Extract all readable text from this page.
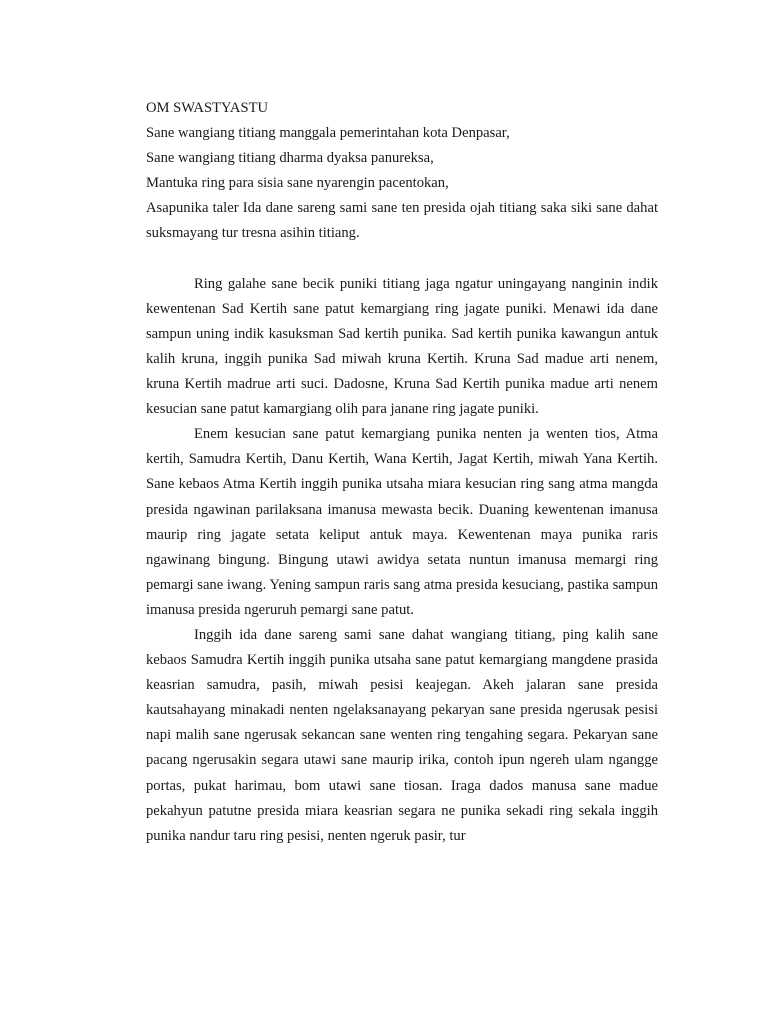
OM SWASTYASTU
Sane wangiang titiang manggala pemerintahan kota Denpasar,
Sane wangiang titiang dharma dyaksa panureksa,
Mantuka ring para sisia sane nyarengin pacentokan,
Asapunika taler Ida dane sareng sami sane ten presida ojah titiang saka siki sane dahat suksmayang tur tresna asihin titiang.

Ring galahe sane becik puniki titiang jaga ngatur uningayang nanginin indik kewentenan Sad Kertih sane patut kemargiang ring jagate puniki. Menawi ida dane sampun uning indik kasuksman Sad kertih punika. Sad kertih punika kawangun antuk kalih kruna, inggih punika Sad miwah kruna Kertih. Kruna Sad madue arti nenem, kruna Kertih madrue arti suci. Dadosne, Kruna Sad Kertih punika madue arti nenem kesucian sane patut kamargiang olih para janane ring jagate puniki.

Enem kesucian sane patut kemargiang punika nenten ja wenten tios, Atma kertih, Samudra Kertih, Danu Kertih, Wana Kertih, Jagat Kertih, miwah Yana Kertih. Sane kebaos Atma Kertih inggih punika utsaha miara kesucian ring sang atma mangda presida ngawinan parilaksana imanusa mewasta becik. Duaning kewentenan imanusa maurip ring jagate setata keliput antuk maya. Kewentenan maya punika raris ngawinang bingung. Bingung utawi awidya setata nuntun imanusa memargi ring pemargi sane iwang. Yening sampun raris sang atma presida kesuciang, pastika sampun imanusa presida ngeruruh pemargi sane patut.

Inggih ida dane sareng sami sane dahat wangiang titiang, ping kalih sane kebaos Samudra Kertih inggih punika utsaha sane patut kemargiang mangdene prasida keasrian samudra, pasih, miwah pesisi keajegan. Akeh jalaran sane presida kautsahayang minakadi nenten ngelaksanayang pekaryan sane presida ngerusak pesisi napi malih sane ngerusak sekancan sane wenten ring tengahing segara. Pekaryan sane pacang ngerusakin segara utawi sane maurip irika, contoh ipun ngereh ulam ngangge portas, pukat harimau, bom utawi sane tiosan. Iraga dados manusa sane madue pekahyun patutne presida miara keasrian segara ne punika sekadi ring sekala inggih punika nandur taru ring pesisi, nenten ngeruk pasir, tur
